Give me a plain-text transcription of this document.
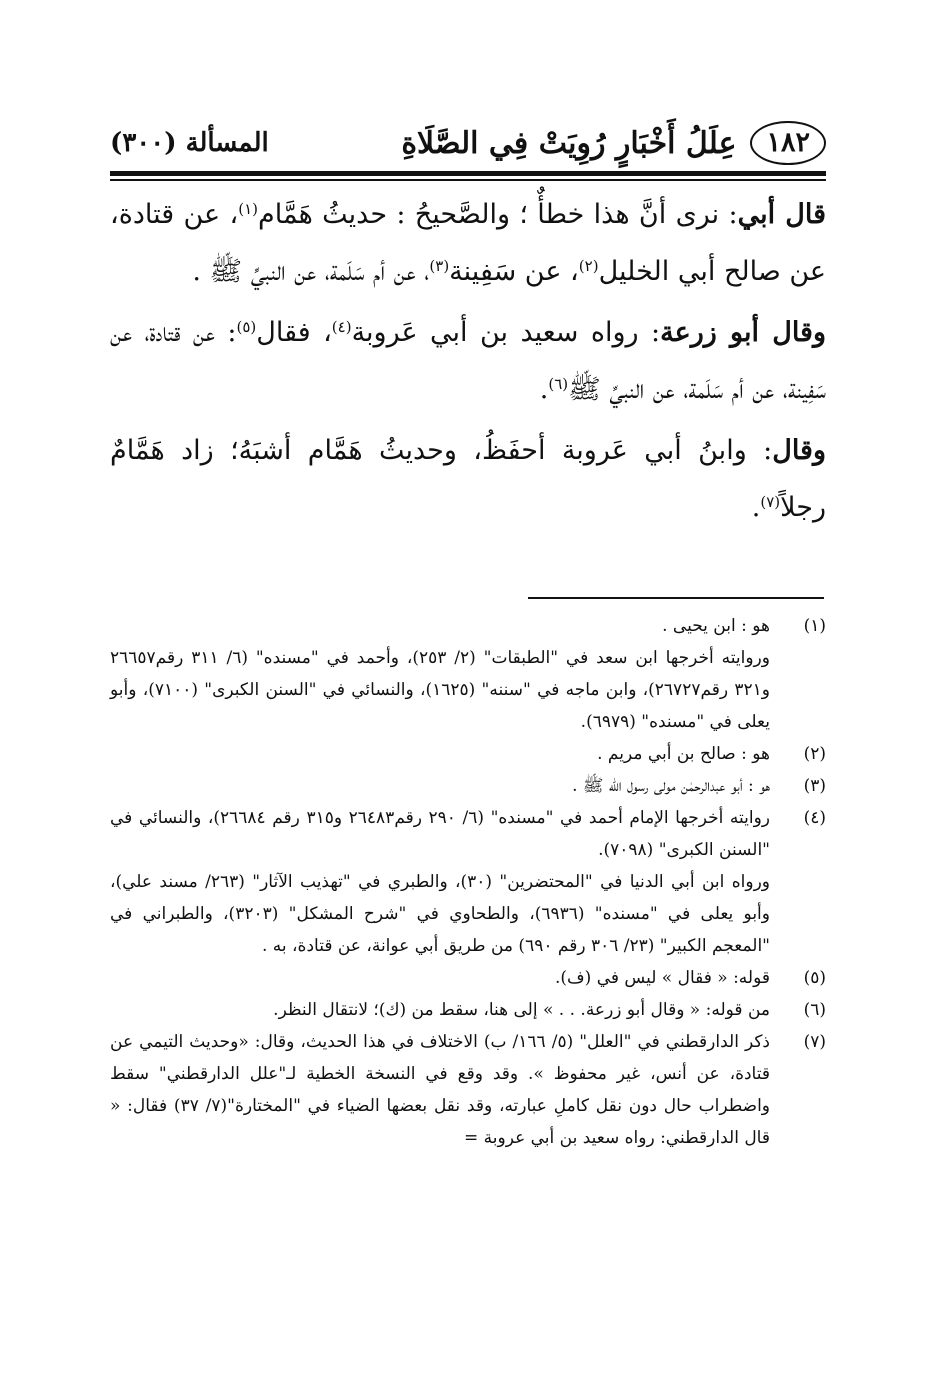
١٨٢
عِلَلُ أَخْبَارٍ رُوِيَتْ فِي الصَّلَاةِ
المسألة (٣٠٠)

قال أبي: نرى أنَّ هذا خطأٌ ؛ والصَّحيحُ : حديثُ هَمَّام$^{(١)}$، عن قتادة، عن صالح أبي الخليل$^{(٢)}$، عن سَفِينة$^{(٣)}$، عن أم سَلَمة، عن النبيِّ ﷺ .

وقال أبو زرعة: رواه سعيد بن أبي عَروبة$^{(٤)}$، فقال$^{(٥)}$: عن قتادة، عن سَفِينة، عن أم سَلَمة، عن النبيِّ ﷺ$^{(٦)}$.

وقال: وابنُ أبي عَروبة أحفَظُ، وحديثُ هَمَّام أشبَهُ؛ زاد هَمَّامٌ رجلاً$^{(٧)}$.

(١)
هو : ابن يحيى .
وروايته أخرجها ابن سعد في "الطبقات" (٢/ ٢٥٣)، وأحمد في "مسنده" (٦/ ٣١١ رقم٢٦٦٥٧ و٣٢١ رقم٢٦٧٢٧)، وابن ماجه في "سننه" (١٦٢٥)، والنسائي في "السنن الكبرى" (٧١٠٠)، وأبو يعلى في "مسنده" (٦٩٧٩).
(٢)
هو : صالح بن أبي مريم .
(٣)
هو : أبو عبدالرحمٰن مولى رسول الله ﷺ .
(٤)
روايته أخرجها الإمام أحمد في "مسنده" (٦/ ٢٩٠ رقم٢٦٤٨٣ و٣١٥ رقم ٢٦٦٨٤)، والنسائي في "السنن الكبرى" (٧٠٩٨).
ورواه ابن أبي الدنيا في "المحتضرين" (٣٠)، والطبري في "تهذيب الآثار" (٢٦٣/ مسند علي)، وأبو يعلى في "مسنده" (٦٩٣٦)، والطحاوي في "شرح المشكل" (٣٢٠٣)، والطبراني في "المعجم الكبير" (٢٣/ ٣٠٦ رقم ٦٩٠) من طريق أبي عوانة، عن قتادة، به .
(٥)
قوله: « فقال » ليس في (ف).
(٦)
من قوله: « وقال أبو زرعة. . . » إلى هنا، سقط من (ك)؛ لانتقال النظر.
(٧)
ذكر الدارقطني في "العلل" (٥/ ١٦٦/ ب) الاختلاف في هذا الحديث، وقال: «وحديث التيمي عن قتادة، عن أنس، غير محفوظ ». وقد وقع في النسخة الخطية لـ"علل الدارقطني" سقط واضطراب حال دون نقل كاملِ عبارته، وقد نقل بعضها الضياء في "المختارة"(٧/ ٣٧) فقال: « قال الدارقطني: رواه سعيد بن أبي عروبة =
